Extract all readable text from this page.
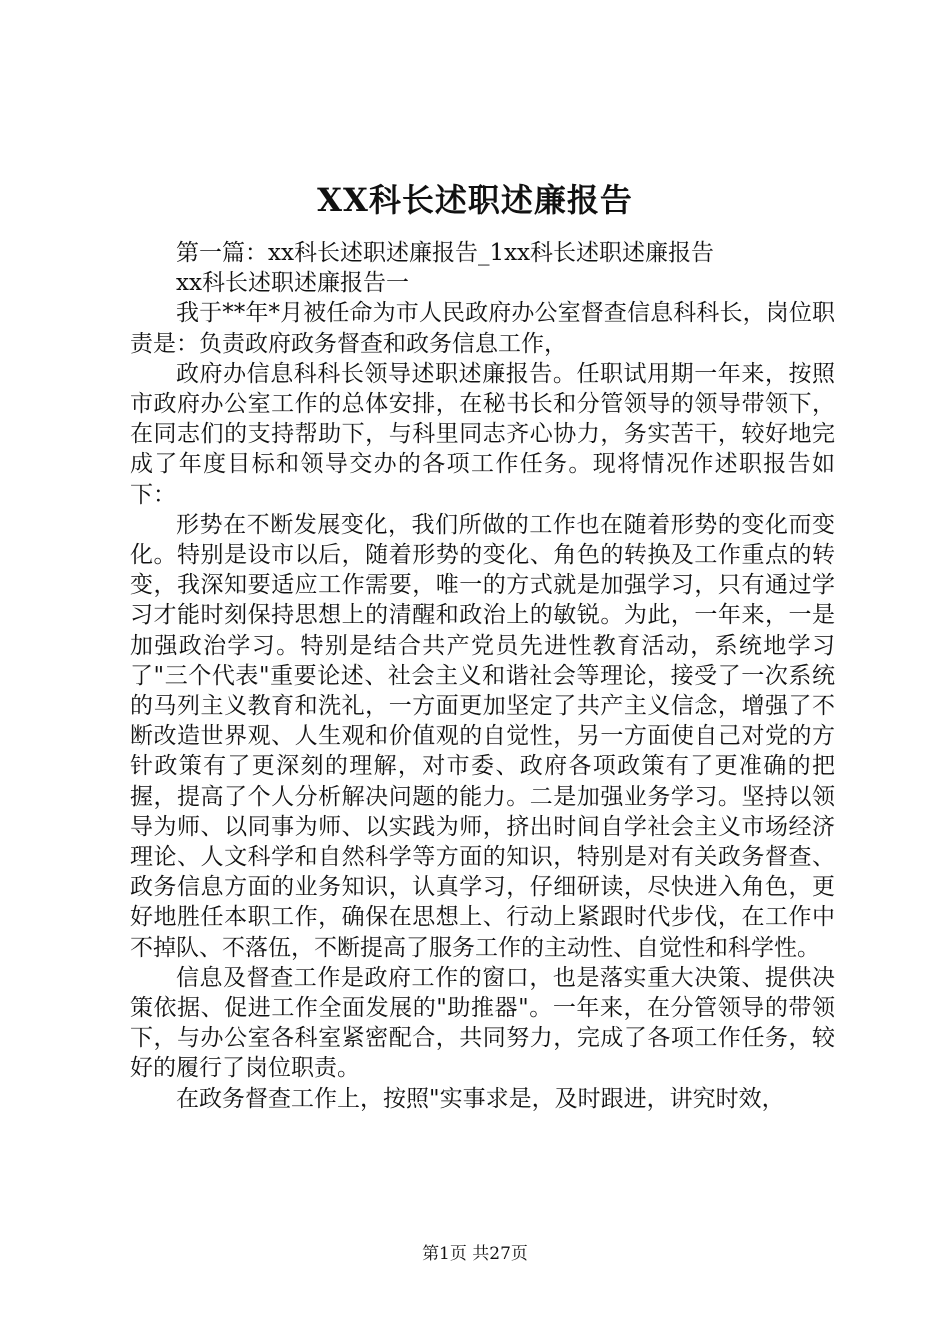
XX科长述职述廉报告

第一篇：xx科长述职述廉报告_1xx科长述职述廉报告

xx科长述职述廉报告一

我于**年*月被任命为市人民政府办公室督查信息科科长，岗位职责是：负责政府政务督查和政务信息工作，

政府办信息科科长领导述职述廉报告。任职试用期一年来，按照市政府办公室工作的总体安排，在秘书长和分管领导的领导带领下，在同志们的支持帮助下，与科里同志齐心协力，务实苦干，较好地完成了年度目标和领导交办的各项工作任务。现将情况作述职报告如下：

形势在不断发展变化，我们所做的工作也在随着形势的变化而变化。特别是设市以后，随着形势的变化、角色的转换及工作重点的转变，我深知要适应工作需要，唯一的方式就是加强学习，只有通过学习才能时刻保持思想上的清醒和政治上的敏锐。为此，一年来，一是加强政治学习。特别是结合共产党员先进性教育活动，系统地学习了"三个代表"重要论述、社会主义和谐社会等理论，接受了一次系统的马列主义教育和洗礼，一方面更加坚定了共产主义信念，增强了不断改造世界观、人生观和价值观的自觉性，另一方面使自己对党的方针政策有了更深刻的理解，对市委、政府各项政策有了更准确的把握，提高了个人分析解决问题的能力。二是加强业务学习。坚持以领导为师、以同事为师、以实践为师，挤出时间自学社会主义市场经济理论、人文科学和自然科学等方面的知识，特别是对有关政务督查、政务信息方面的业务知识，认真学习，仔细研读，尽快进入角色，更好地胜任本职工作，确保在思想上、行动上紧跟时代步伐，在工作中不掉队、不落伍，不断提高了服务工作的主动性、自觉性和科学性。

信息及督查工作是政府工作的窗口，也是落实重大决策、提供决策依据、促进工作全面发展的"助推器"。一年来，在分管领导的带领下，与办公室各科室紧密配合，共同努力，完成了各项工作任务，较好的履行了岗位职责。

在政务督查工作上，按照"实事求是，及时跟进，讲究时效，

第1页 共27页
